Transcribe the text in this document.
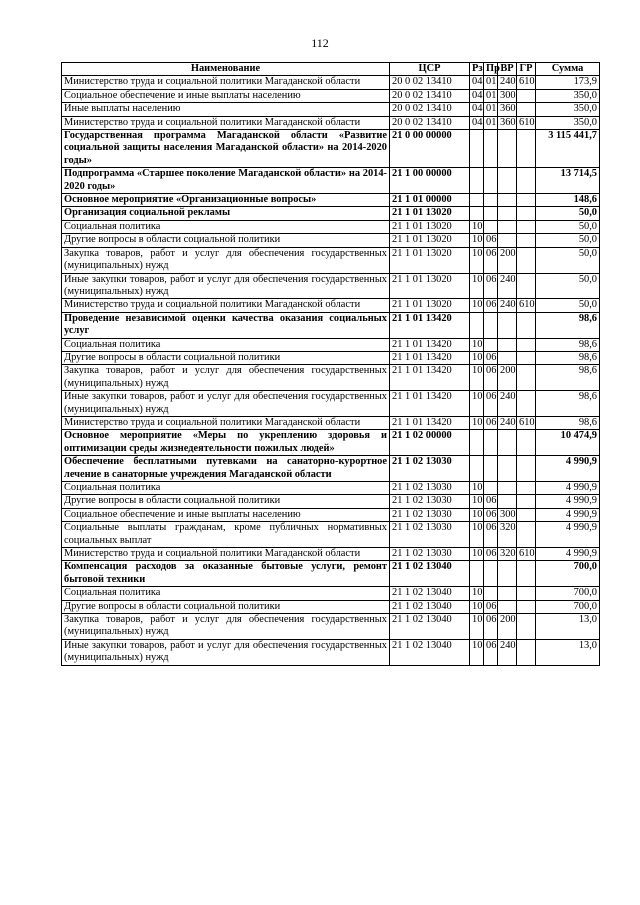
112
Наименование	ЦСР	Рз	Пр	ВР	ГР	Сумма
Министерство труда и социальной политики Магаданской области	20 0 02 13410	04	01	240	610	173,9
Социальное обеспечение и иные выплаты населению	20 0 02 13410	04	01	300		350,0
Иные выплаты населению	20 0 02 13410	04	01	360		350,0
Министерство труда и социальной политики Магаданской области	20 0 02 13410	04	01	360	610	350,0
Государственная программа Магаданской области «Развитие социальной защиты населения Магаданской области» на 2014-2020 годы»	21 0 00 00000					3 115 441,7
Подпрограмма «Старшее поколение Магаданской области» на 2014-2020 годы»	21 1 00 00000					13 714,5
Основное мероприятие «Организационные вопросы»	21 1 01 00000					148,6
Организация социальной рекламы	21 1 01 13020					50,0
Социальная политика	21 1 01 13020	10				50,0
Другие вопросы в области социальной политики	21 1 01 13020	10	06			50,0
Закупка товаров, работ и услуг для обеспечения государственных (муниципальных) нужд	21 1 01 13020	10	06	200		50,0
Иные закупки товаров, работ и услуг для обеспечения государственных (муниципальных) нужд	21 1 01 13020	10	06	240		50,0
Министерство труда и социальной политики Магаданской области	21 1 01 13020	10	06	240	610	50,0
Проведение независимой оценки качества оказания социальных услуг	21 1 01 13420					98,6
Социальная политика	21 1 01 13420	10				98,6
Другие вопросы в области социальной политики	21 1 01 13420	10	06			98,6
Закупка товаров, работ и услуг для обеспечения государственных (муниципальных) нужд	21 1 01 13420	10	06	200		98,6
Иные закупки товаров, работ и услуг для обеспечения государственных (муниципальных) нужд	21 1 01 13420	10	06	240		98,6
Министерство труда и социальной политики Магаданской области	21 1 01 13420	10	06	240	610	98,6
Основное мероприятие «Меры по укреплению здоровья и оптимизации среды жизнедеятельности пожилых людей»	21 1 02 00000					10 474,9
Обеспечение бесплатными путевками на санаторно-курортное лечение в санаторные учреждения Магаданской области	21 1 02 13030					4 990,9
Социальная политика	21 1 02 13030	10				4 990,9
Другие вопросы в области социальной политики	21 1 02 13030	10	06			4 990,9
Социальное обеспечение и иные выплаты населению	21 1 02 13030	10	06	300		4 990,9
Социальные выплаты гражданам, кроме публичных нормативных социальных выплат	21 1 02 13030	10	06	320		4 990,9
Министерство труда и социальной политики Магаданской области	21 1 02 13030	10	06	320	610	4 990,9
Компенсация расходов за оказанные бытовые услуги, ремонт бытовой техники	21 1 02 13040					700,0
Социальная политика	21 1 02 13040	10				700,0
Другие вопросы в области социальной политики	21 1 02 13040	10	06			700,0
Закупка товаров, работ и услуг для обеспечения государственных (муниципальных) нужд	21 1 02 13040	10	06	200		13,0
Иные закупки товаров, работ и услуг для обеспечения государственных (муниципальных) нужд	21 1 02 13040	10	06	240		13,0
